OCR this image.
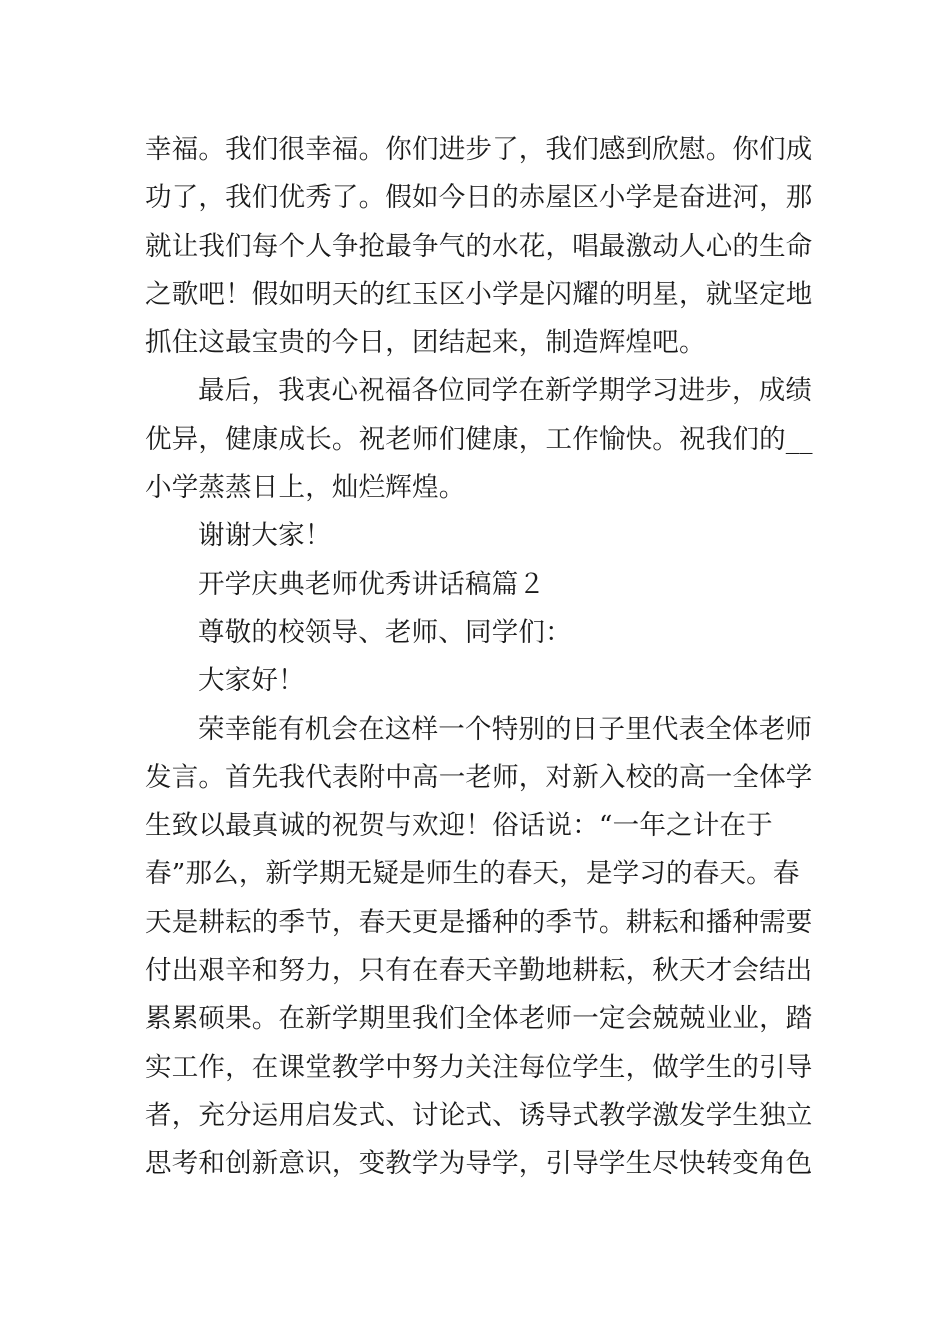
幸福。我们很幸福。你们进步了，我们感到欣慰。你们成
功了，我们优秀了。假如今日的赤屋区小学是奋进河，那
就让我们每个人争抢最争气的水花，唱最激动人心的生命
之歌吧！假如明天的红玉区小学是闪耀的明星，就坚定地
抓住这最宝贵的今日，团结起来，制造辉煌吧。
最后，我衷心祝福各位同学在新学期学习进步，成绩
优异，健康成长。祝老师们健康，工作愉快。祝我们的__
小学蒸蒸日上，灿烂辉煌。
谢谢大家！
开学庆典老师优秀讲话稿篇２
尊敬的校领导、老师、同学们：
大家好！
荣幸能有机会在这样一个特别的日子里代表全体老师
发言。首先我代表附中高一老师，对新入校的高一全体学
生致以最真诚的祝贺与欢迎！俗话说：“一年之计在于
春”那么，新学期无疑是师生的春天，是学习的春天。春
天是耕耘的季节，春天更是播种的季节。耕耘和播种需要
付出艰辛和努力，只有在春天辛勤地耕耘，秋天才会结出
累累硕果。在新学期里我们全体老师一定会兢兢业业，踏
实工作，在课堂教学中努力关注每位学生，做学生的引导
者，充分运用启发式、讨论式、诱导式教学激发学生独立
思考和创新意识，变教学为导学，引导学生尽快转变角色
